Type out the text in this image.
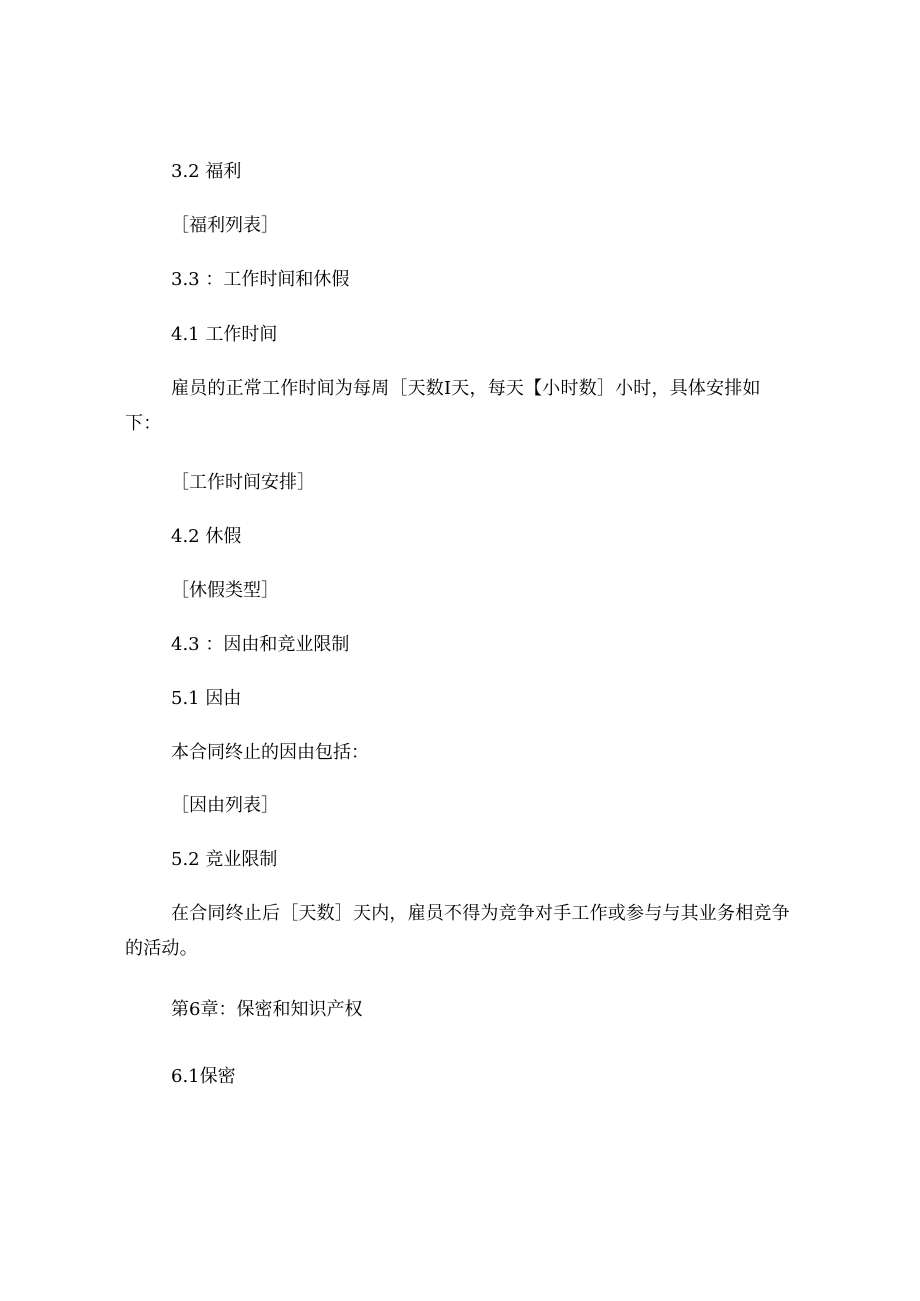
3.2 福利
［福利列表］
3.3 ：工作时间和休假
4.1 工作时间
雇员的正常工作时间为每周［天数I天，每天【小时数］小时，具体安排如下：
［工作时间安排］
4.2 休假
［休假类型］
4.3 ：因由和竞业限制
5.1 因由
本合同终止的因由包括：
［因由列表］
5.2 竞业限制
在合同终止后［天数］天内，雇员不得为竞争对手工作或参与与其业务相竞争的活动。
第6章：保密和知识产权
6.1保密
